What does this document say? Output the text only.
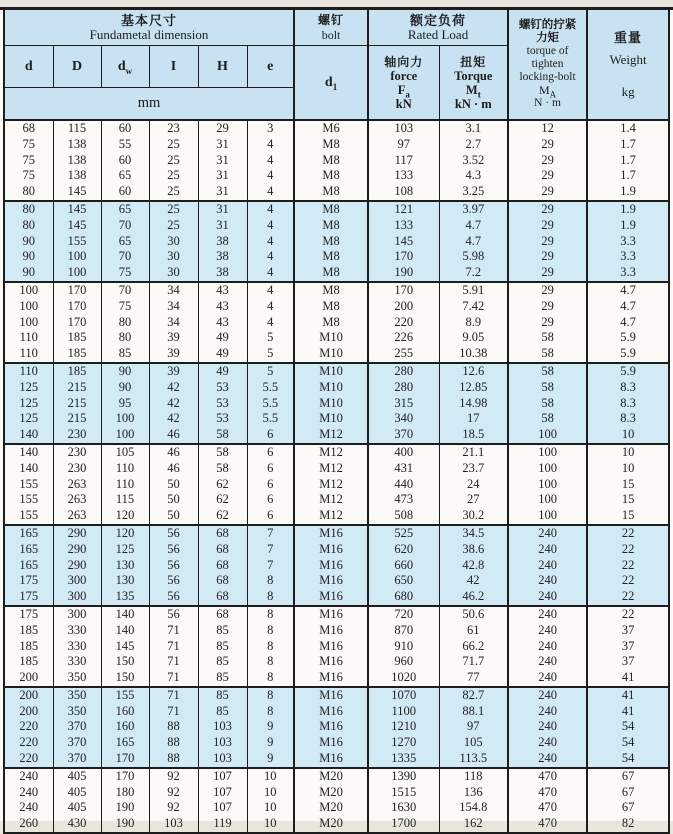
基本尺寸
Fundametal dimension

螺钉
bolt

额定负荷
Rated Load

螺钉的拧紧
力矩
torque of
tighten
locking-bolt
$M_A$
N · m

重量
Weight
kg

d	D	$d_w$	I	H	e	$d_1$	轴向力
force
$F_a$
kN	扭矩
Torque
$M_t$
kN · m		

mm										
68	115	60	23	29	3	M6	103	3.1	12	1.4
75	138	55	25	31	4	M8	97	2.7	29	1.7
75	138	60	25	31	4	M8	117	3.52	29	1.7
75	138	65	25	31	4	M8	133	4.3	29	1.7
80	145	60	25	31	4	M8	108	3.25	29	1.9
80	145	65	25	31	4	M8	121	3.97	29	1.9
80	145	70	25	31	4	M8	133	4.7	29	1.9
90	155	65	30	38	4	M8	145	4.7	29	3.3
90	100	70	30	38	4	M8	170	5.98	29	3.3
90	100	75	30	38	4	M8	190	7.2	29	3.3
100	170	70	34	43	4	M8	170	5.91	29	4.7
100	170	75	34	43	4	M8	200	7.42	29	4.7
100	170	80	34	43	4	M8	220	8.9	29	4.7
110	185	80	39	49	5	M10	226	9.05	58	5.9
110	185	85	39	49	5	M10	255	10.38	58	5.9
110	185	90	39	49	5	M10	280	12.6	58	5.9
125	215	90	42	53	5.5	M10	280	12.85	58	8.3
125	215	95	42	53	5.5	M10	315	14.98	58	8.3
125	215	100	42	53	5.5	M10	340	17	58	8.3
140	230	100	46	58	6	M12	370	18.5	100	10
140	230	105	46	58	6	M12	400	21.1	100	10
140	230	110	46	58	6	M12	431	23.7	100	10
155	263	110	50	62	6	M12	440	24	100	15
155	263	115	50	62	6	M12	473	27	100	15
155	263	120	50	62	6	M12	508	30.2	100	15
165	290	120	56	68	7	M16	525	34.5	240	22
165	290	125	56	68	7	M16	620	38.6	240	22
165	290	130	56	68	7	M16	660	42.8	240	22
175	300	130	56	68	8	M16	650	42	240	22
175	300	135	56	68	8	M16	680	46.2	240	22
175	300	140	56	68	8	M16	720	50.6	240	22
185	330	140	71	85	8	M16	870	61	240	37
185	330	145	71	85	8	M16	910	66.2	240	37
185	330	150	71	85	8	M16	960	71.7	240	37
200	350	150	71	85	8	M16	1020	77	240	41
200	350	155	71	85	8	M16	1070	82.7	240	41
200	350	160	71	85	8	M16	1100	88.1	240	41
220	370	160	88	103	9	M16	1210	97	240	54
220	370	165	88	103	9	M16	1270	105	240	54
220	370	170	88	103	9	M16	1335	113.5	240	54
240	405	170	92	107	10	M20	1390	118	470	67
240	405	180	92	107	10	M20	1515	136	470	67
240	405	190	92	107	10	M20	1630	154.8	470	67
260	430	190	103	119	10	M20	1700	162	470	82
